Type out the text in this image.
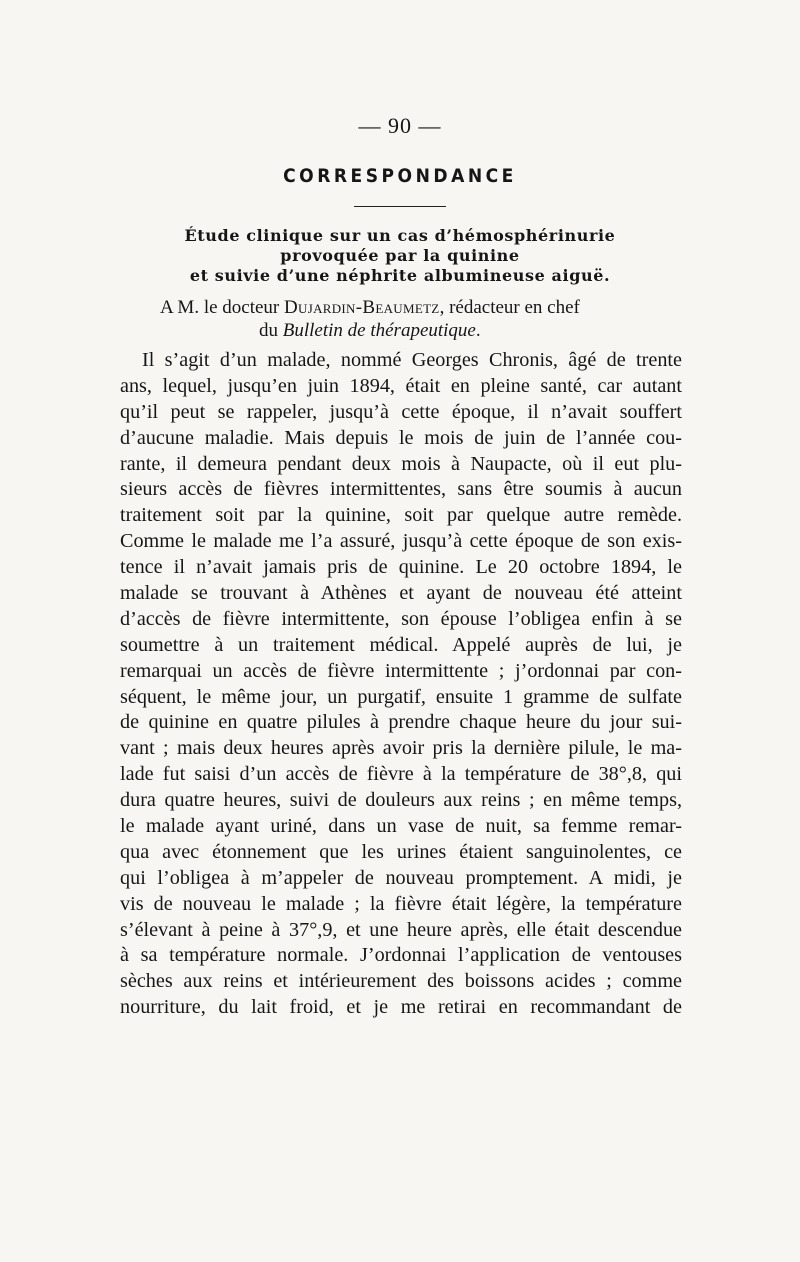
— 90 —
CORRESPONDANCE
Étude clinique sur un cas d’hémosphérinurie
provoquée par la quinine
et suivie d’une néphrite albumineuse aiguë.
A M. le docteur Dujardin-Beaumetz, rédacteur en chef
du Bulletin de thérapeutique.
Il s’agit d’un malade, nommé Georges Chronis, âgé de trente
ans, lequel, jusqu’en juin 1894, était en pleine santé, car autant
qu’il peut se rappeler, jusqu’à cette époque, il n’avait souffert
d’aucune maladie. Mais depuis le mois de juin de l’année cou-
rante, il demeura pendant deux mois à Naupacte, où il eut plu-
sieurs accès de fièvres intermittentes, sans être soumis à aucun
traitement soit par la quinine, soit par quelque autre remède.
Comme le malade me l’a assuré, jusqu’à cette époque de son exis-
tence il n’avait jamais pris de quinine. Le 20 octobre 1894, le
malade se trouvant à Athènes et ayant de nouveau été atteint
d’accès de fièvre intermittente, son épouse l’obligea enfin à se
soumettre à un traitement médical. Appelé auprès de lui, je
remarquai un accès de fièvre intermittente ; j’ordonnai par con-
séquent, le même jour, un purgatif, ensuite 1 gramme de sulfate
de quinine en quatre pilules à prendre chaque heure du jour sui-
vant ; mais deux heures après avoir pris la dernière pilule, le ma-
lade fut saisi d’un accès de fièvre à la température de 38°,8, qui
dura quatre heures, suivi de douleurs aux reins ; en même temps,
le malade ayant uriné, dans un vase de nuit, sa femme remar-
qua avec étonnement que les urines étaient sanguinolentes, ce
qui l’obligea à m’appeler de nouveau promptement. A midi, je
vis de nouveau le malade ; la fièvre était légère, la température
s’élevant à peine à 37°,9, et une heure après, elle était descendue
à sa température normale. J’ordonnai l’application de ventouses
sèches aux reins et intérieurement des boissons acides ; comme
nourriture, du lait froid, et je me retirai en recommandant de
